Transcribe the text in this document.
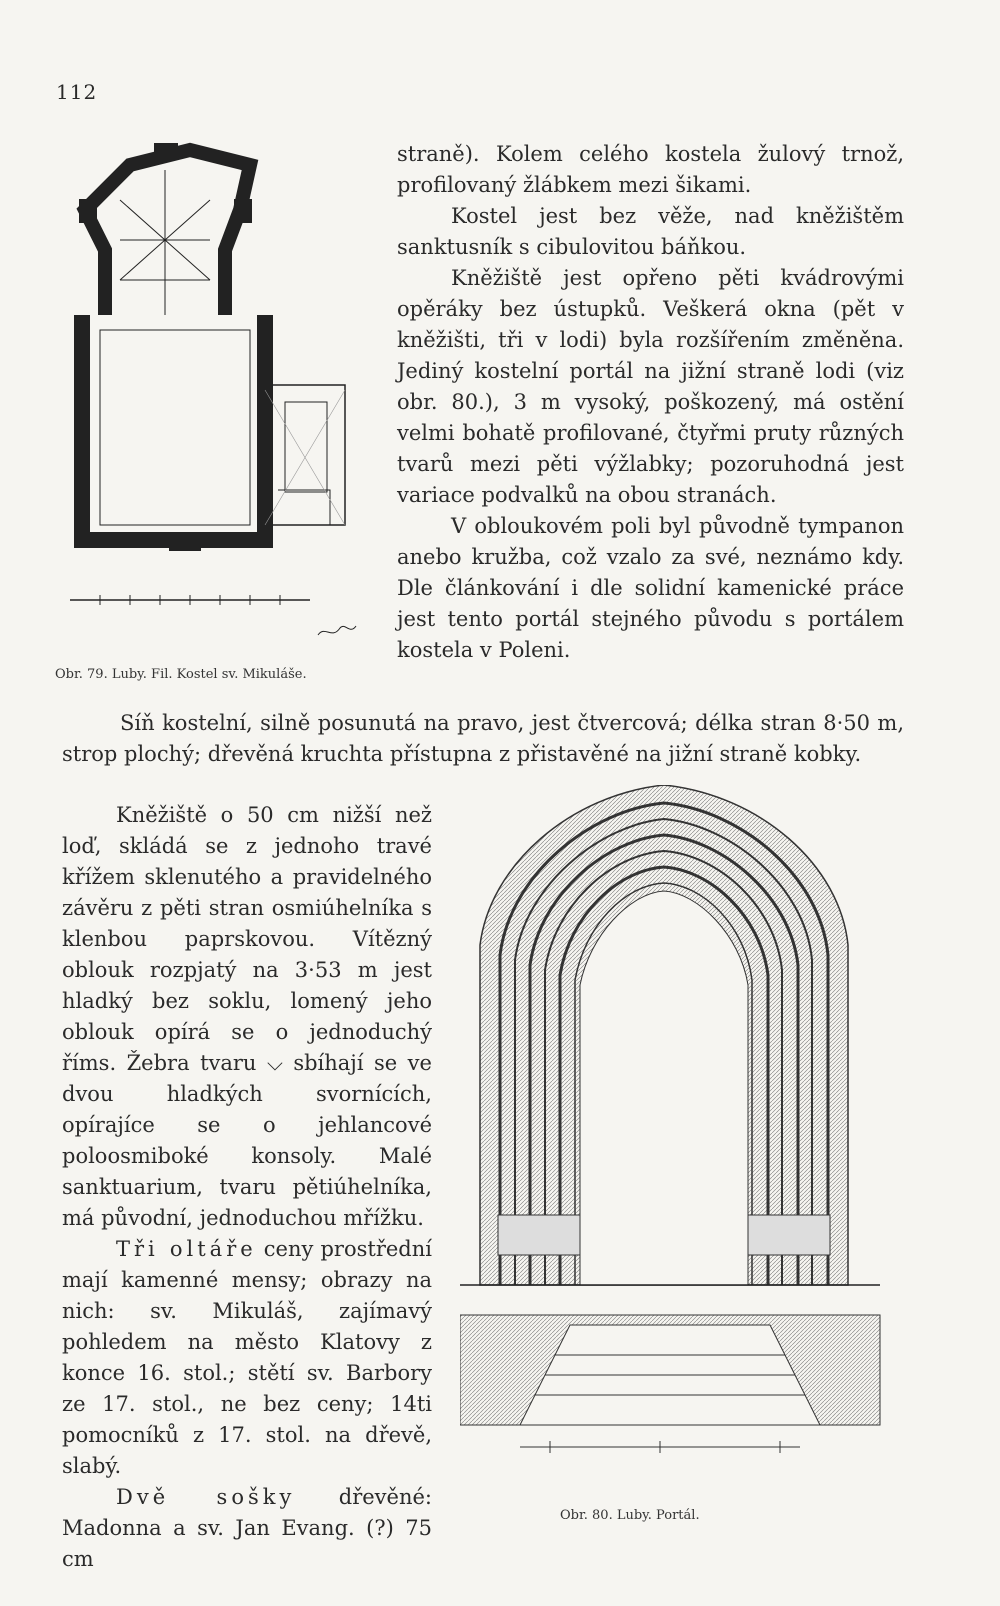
112
Obr. 79. Luby. Fil. Kostel sv. Mikuláše.

straně). Kolem celého kostela žulový trnož, profilovaný žlábkem mezi šikami.

Kostel jest bez věže, nad kněžištěm sanktusník s cibulovitou báňkou.

Kněžiště jest opřeno pěti kvádrovými opěráky bez ústupků. Veškerá okna (pět v kněžišti, tři v lodi) byla rozšířením změněna. Jediný kostelní portál na jižní straně lodi (viz obr. 80.), 3 m vysoký, poškozený, má ostění velmi bohatě profilované, čtyřmi pruty různých tvarů mezi pěti výžlabky; pozoruhodná jest variace podvalků na obou stranách.

V obloukovém poli byl původně tympanon anebo kružba, což vzalo za své, neznámo kdy. Dle článkování i dle solidní kamenické práce jest tento portál stejného původu s portálem kostela v Poleni.

Síň kostelní, silně posunutá na pravo, jest čtvercová; délka stran 8·50 m, strop plochý; dřevěná kruchta přístupna z přistavěné na jižní straně kobky.

Kněžiště o 50 cm nižší než loď, skládá se z jednoho travé křížem sklenutého a pravidelného závěru z pěti stran osmiúhelníka s klenbou paprskovou. Vítězný oblouk rozpjatý na 3·53 m jest hladký bez soklu, lomený jeho oblouk opírá se o jednoduchý říms. Žebra tvaru ⌵ sbíhají se ve dvou hladkých svornících, opírajíce se o jehlancové poloosmiboké konsoly. Malé sanktuarium, tvaru pětiúhelníka, má původní, jednoduchou mřížku.

Tři oltáře ceny prostřední mají kamenné mensy; obrazy na nich: sv. Mikuláš, zajímavý pohledem na město Klatovy z konce 16. stol.; stětí sv. Barbory ze 17. stol., ne bez ceny; 14ti pomocníků z 17. stol. na dřevě, slabý.

Dvě sošky dřevěné: Madonna a sv. Jan Evang. (?) 75 cm

Obr. 80. Luby. Portál.
